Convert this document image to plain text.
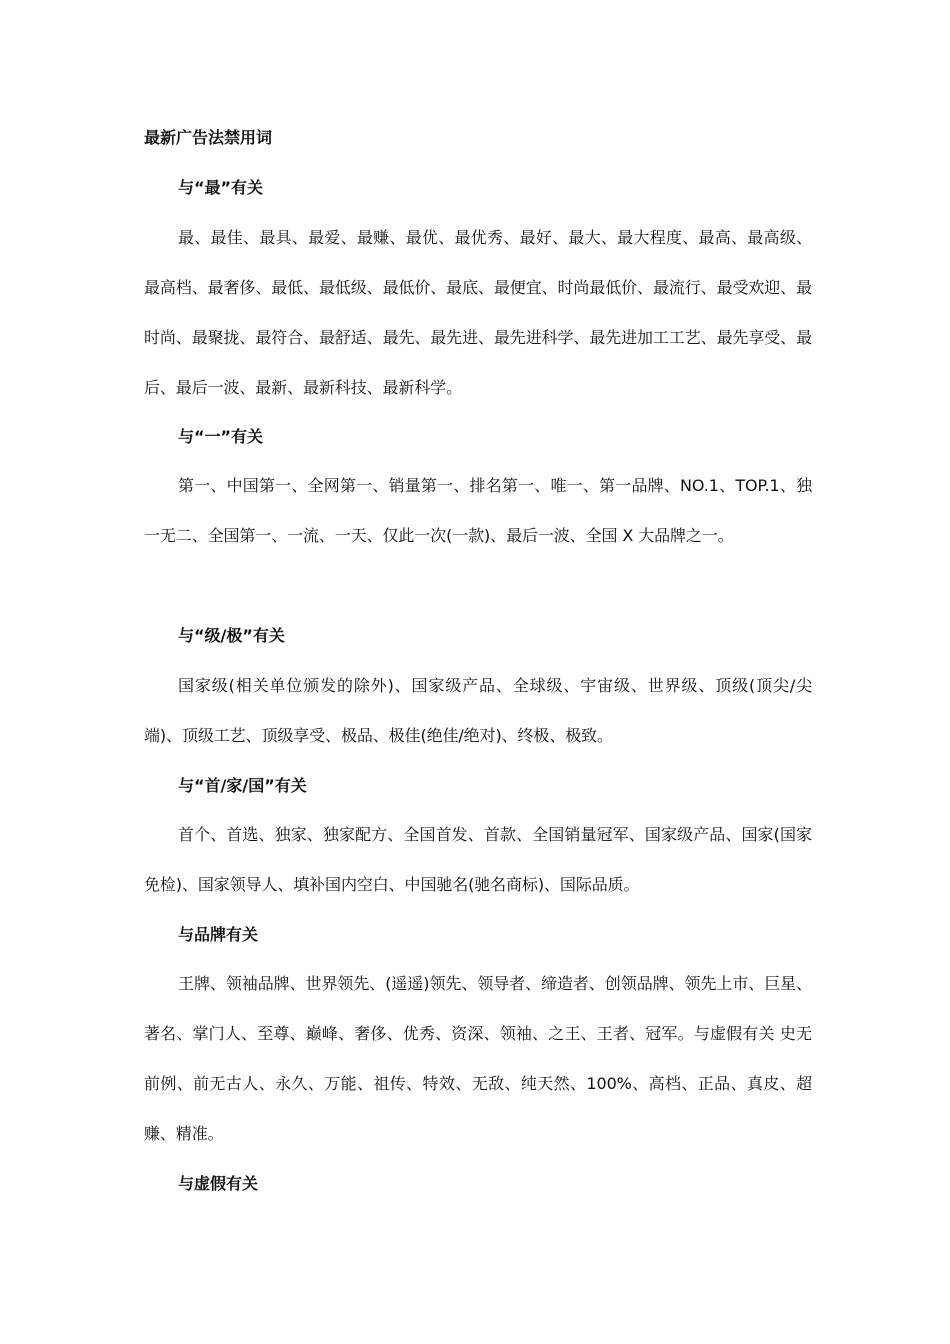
最新广告法禁用词
与“最”有关
最、最佳、最具、最爱、最赚、最优、最优秀、最好、最大、最大程度、最高、最高级、最高档、最奢侈、最低、最低级、最低价、最底、最便宜、时尚最低价、最流行、最受欢迎、最时尚、最聚拢、最符合、最舒适、最先、最先进、最先进科学、最先进加工工艺、最先享受、最后、最后一波、最新、最新科技、最新科学。
与“一”有关
第一、中国第一、全网第一、销量第一、排名第一、唯一、第一品牌、NO.1、TOP.1、独一无二、全国第一、一流、一天、仅此一次(一款)、最后一波、全国 X 大品牌之一。
与“级/极”有关
国家级(相关单位颁发的除外)、国家级产品、全球级、宇宙级、世界级、顶级(顶尖/尖端)、顶级工艺、顶级享受、极品、极佳(绝佳/绝对)、终极、极致。
与“首/家/国”有关
首个、首选、独家、独家配方、全国首发、首款、全国销量冠军、国家级产品、国家(国家免检)、国家领导人、填补国内空白、中国驰名(驰名商标)、国际品质。
与品牌有关
王牌、领袖品牌、世界领先、(遥遥)领先、领导者、缔造者、创领品牌、领先上市、巨星、著名、掌门人、至尊、巅峰、奢侈、优秀、资深、领袖、之王、王者、冠军。与虚假有关 史无前例、前无古人、永久、万能、祖传、特效、无敌、纯天然、100%、高档、正品、真皮、超赚、精准。
与虚假有关
